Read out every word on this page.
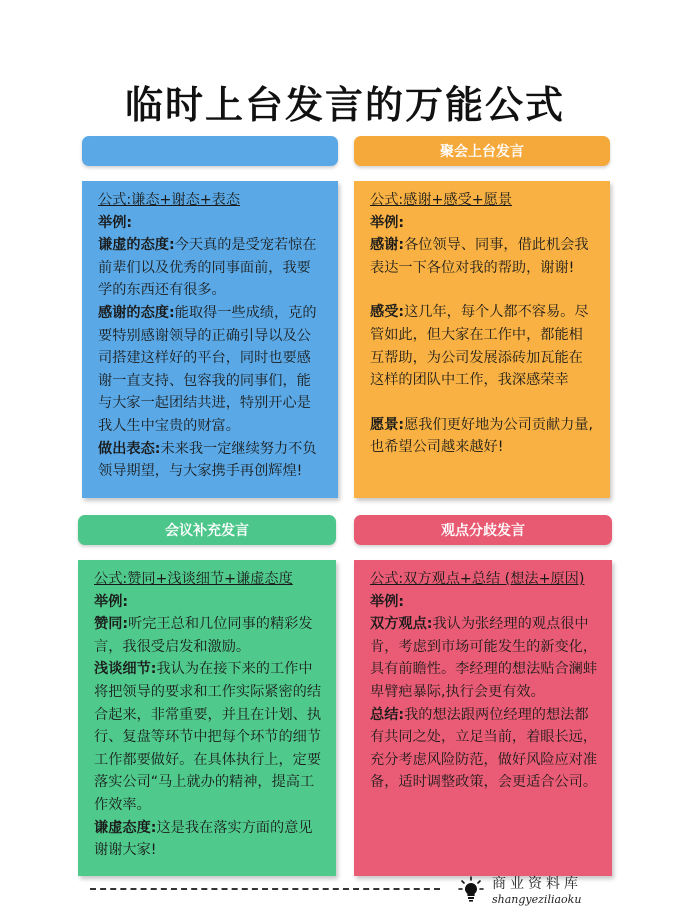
临时上台发言的万能公式
聚会上台发言
会议补充发言	观点分歧发言

公式:谦态+谢态+表态

举例:

谦虚的态度:今天真的是受宠若惊在前辈们以及优秀的同事面前，我要学的东西还有很多。

感谢的态度:能取得一些成绩，克的要特别感谢领导的正确引导以及公司搭建这样好的平台，同时也要感谢一直支持、包容我的同事们，能与大家一起团结共进，特别开心是我人生中宝贵的财富。

做出表态:未来我一定继续努力不负领导期望，与大家携手再创辉煌!

公式:感谢+感受+愿景

举例:

感谢:各位领导、同事，借此机会我表达一下各位对我的帮助，谢谢!

感受:这几年，每个人都不容易。尽管如此，但大家在工作中，都能相互帮助，为公司发展添砖加瓦能在这样的团队中工作，我深感荣幸

愿景:愿我们更好地为公司贡献力量,也希望公司越来越好!

公式:赞同+浅谈细节+谦虚态度

举例:

赞同:听完王总和几位同事的精彩发言，我很受启发和激励。

浅谈细节:我认为在接下来的工作中将把领导的要求和工作实际紧密的结合起来，非常重要，并且在计划、执行、复盘等环节中把每个环节的细节工作都要做好。在具体执行上，定要落实公司“马上就办的精神，提高工作效率。

谦虚态度:这是我在落实方面的意见谢谢大家!

公式:双方观点+总结 (想法+原因)

举例:

双方观点:我认为张经理的观点很中肯，考虑到市场可能发生的新变化，具有前瞻性。李经理的想法贴合澜蚌卑臂疤暴际,执行会更有效。

总结:我的想法跟两位经理的想法都有共同之处，立足当前，着眼长远，充分考虑风险防范，做好风险应对准备，适时调整政策，会更适合公司。

商业资料库
shangyeziliaoku
